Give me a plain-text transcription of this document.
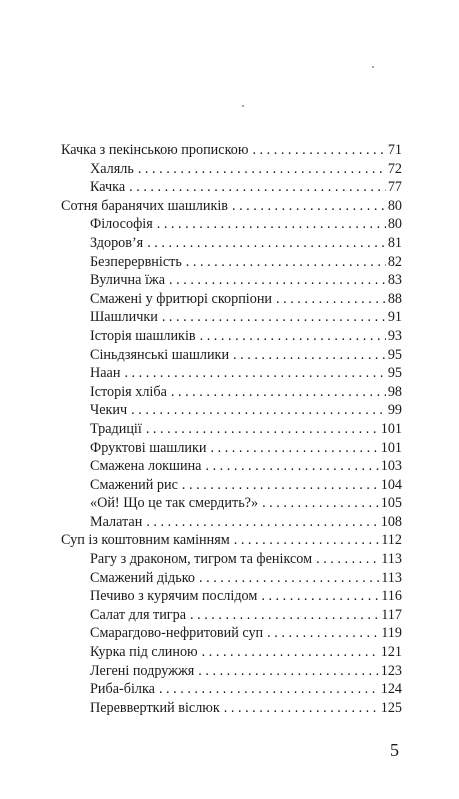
Качка з пекінською пропискою . . .	71
Халяль . . .	72
Качка . . .	77
Сотня баранячих шашликів . . .	80
Філософія . . .	80
Здоров’я . . .	81
Безперервність . . .	82
Вулична їжа . . .	83
Смажені у фритюрі скорпіони . . .	88
Шашлички . . .	91
Історія шашликів . . .	93
Сіньдзянські шашлики . . .	95
Наан . . .	95
Історія хліба . . .	98
Чекич . . .	99
Традиції . . .	101
Фруктові шашлики . . .	101
Смажена локшина . . .	103
Смажений рис . . .	104
«Ой! Що це так смердить?» . . .	105
Малатан . . .	108
Суп із коштовним камінням . . .	112
Рагу з драконом, тигром та феніксом . . .	113
Смажений дідько . . .	113
Печиво з курячим послідом . . .	116
Салат для тигра . . .	117
Смарагдово-нефритовий суп . . .	119
Курка під слиною . . .	121
Легені подружжя . . .	123
Риба-білка . . .	124
Перевверткий віслюк . . .	125
5
